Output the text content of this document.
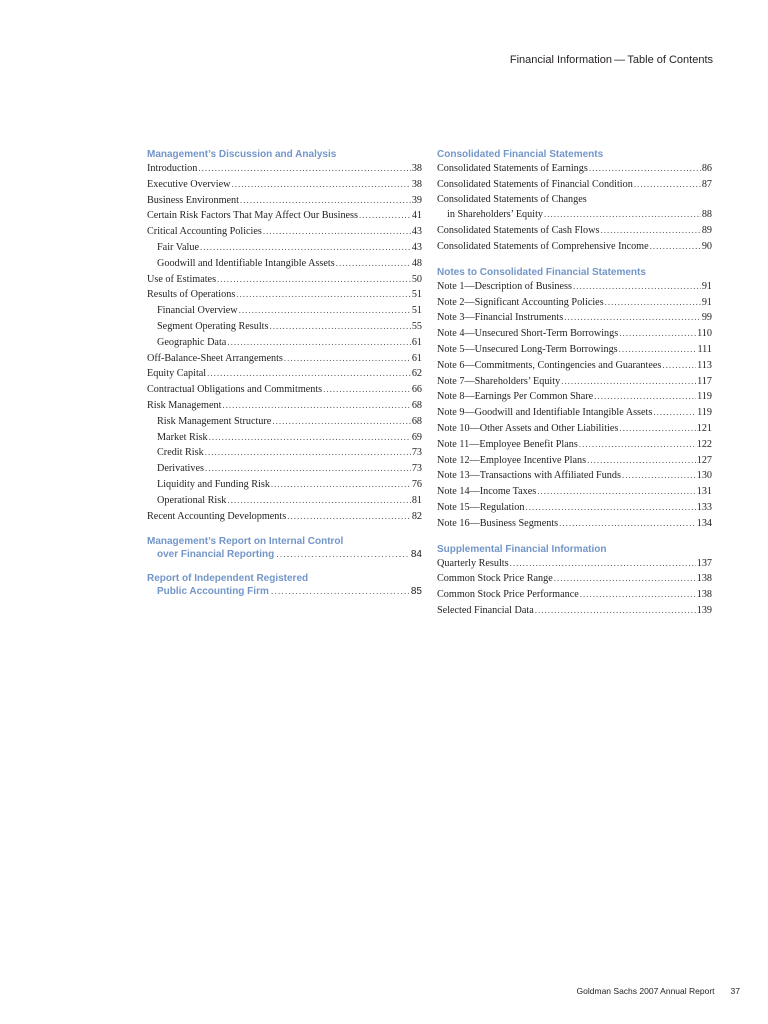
Financial Information — Table of Contents
Management’s Discussion and Analysis
Introduction .....	38
Executive Overview .....	38
Business Environment .....	39
Certain Risk Factors That May Affect Our Business .....	41
Critical Accounting Policies .....	43
Fair Value .....	43
Goodwill and Identifiable Intangible Assets .....	48
Use of Estimates .....	50
Results of Operations .....	51
Financial Overview .....	51
Segment Operating Results .....	55
Geographic Data .....	61
Off-Balance-Sheet Arrangements .....	61
Equity Capital .....	62
Contractual Obligations and Commitments .....	66
Risk Management .....	68
Risk Management Structure .....	68
Market Risk .....	69
Credit Risk .....	73
Derivatives .....	73
Liquidity and Funding Risk .....	76
Operational Risk .....	81
Recent Accounting Developments .....	82
Management’s Report on Internal Control
over Financial Reporting .....	84
Report of Independent Registered
Public Accounting Firm .....	85
Consolidated Financial Statements
Consolidated Statements of Earnings .....	86
Consolidated Statements of Financial Condition .....	87
Consolidated Statements of Changes
in Shareholders’ Equity .....	88
Consolidated Statements of Cash Flows .....	89
Consolidated Statements of Comprehensive Income .....	90
Notes to Consolidated Financial Statements
Note 1—Description of Business .....	91
Note 2—Significant Accounting Policies .....	91
Note 3—Financial Instruments .....	99
Note 4—Unsecured Short-Term Borrowings .....	110
Note 5—Unsecured Long-Term Borrowings .....	111
Note 6—Commitments, Contingencies and Guarantees .....	113
Note 7—Shareholders’ Equity .....	117
Note 8—Earnings Per Common Share .....	119
Note 9—Goodwill and Identifiable Intangible Assets .....	119
Note 10—Other Assets and Other Liabilities .....	121
Note 11—Employee Benefit Plans .....	122
Note 12—Employee Incentive Plans .....	127
Note 13—Transactions with Affiliated Funds .....	130
Note 14—Income Taxes .....	131
Note 15—Regulation .....	133
Note 16—Business Segments .....	134
Supplemental Financial Information
Quarterly Results .....	137
Common Stock Price Range .....	138
Common Stock Price Performance .....	138
Selected Financial Data .....	139
Goldman Sachs 2007 Annual Report 37
